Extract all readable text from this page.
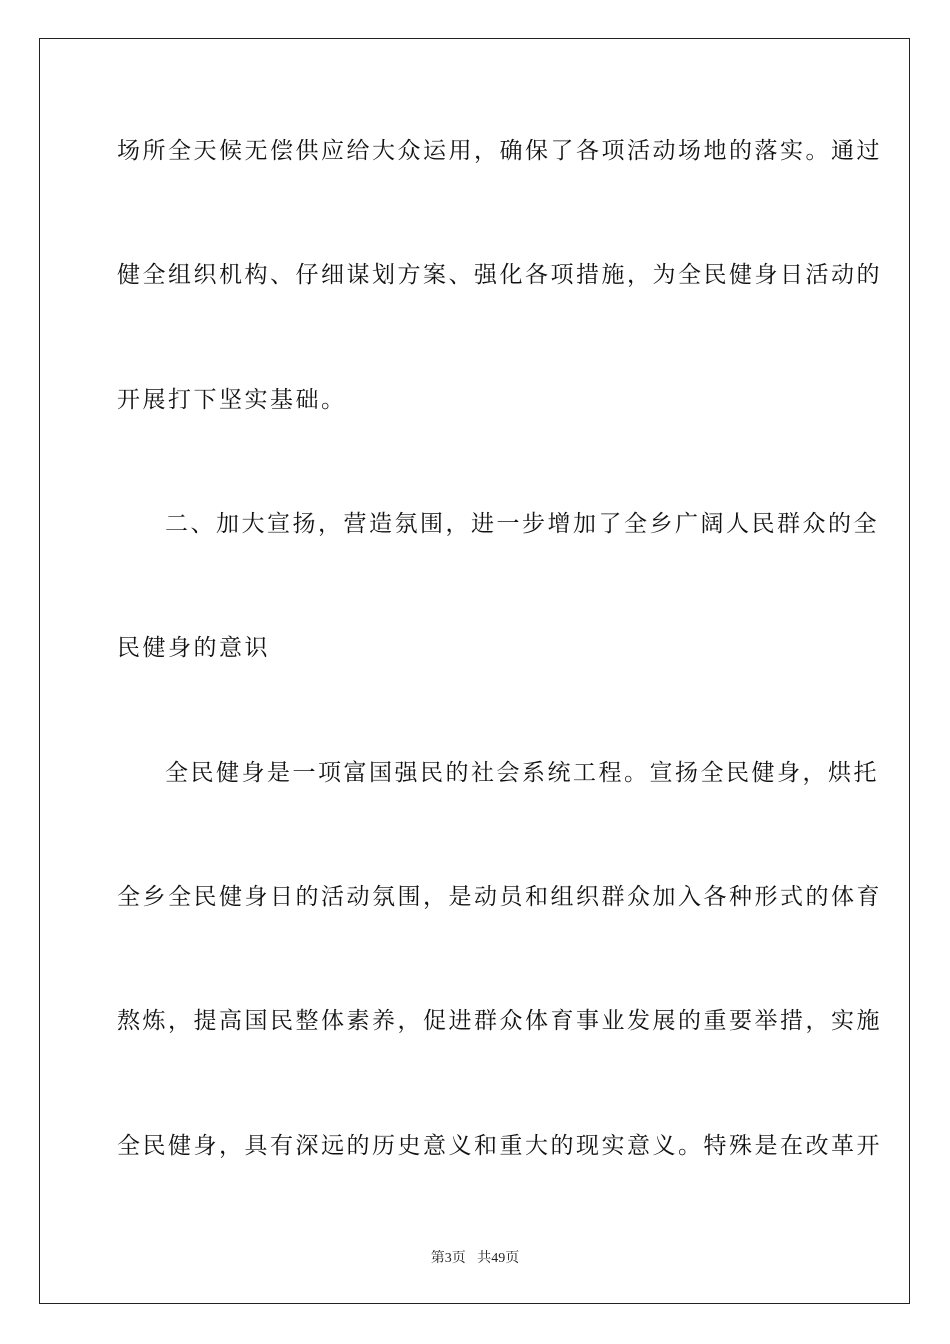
场所全天候无偿供应给大众运用，确保了各项活动场地的落实。通过
健全组织机构、仔细谋划方案、强化各项措施，为全民健身日活动的
开展打下坚实基础。
二、加大宣扬，营造氛围，进一步增加了全乡广阔人民群众的全
民健身的意识
全民健身是一项富国强民的社会系统工程。宣扬全民健身，烘托
全乡全民健身日的活动氛围，是动员和组织群众加入各种形式的体育
熬炼，提高国民整体素养，促进群众体育事业发展的重要举措，实施
全民健身，具有深远的历史意义和重大的现实意义。特殊是在改革开
第3页 共49页
